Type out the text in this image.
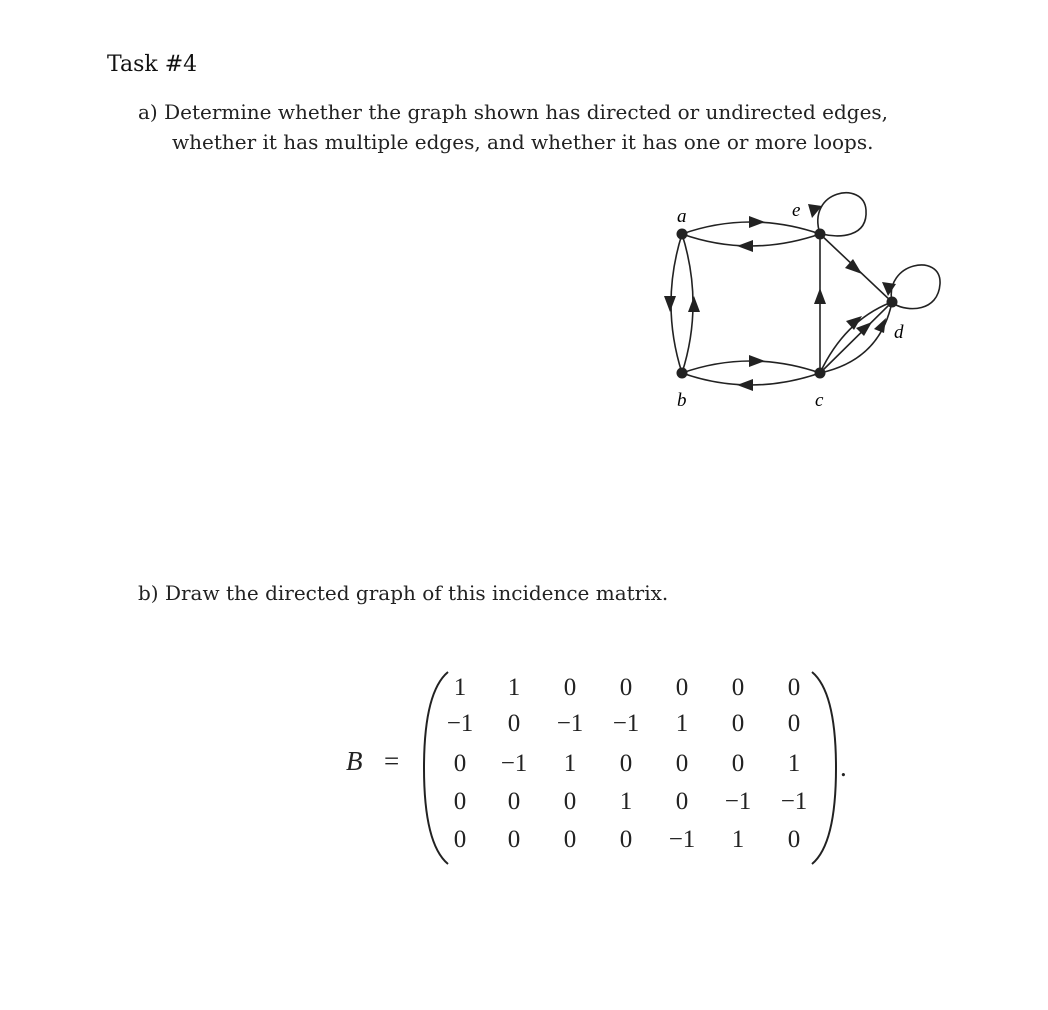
Task #4
a) Determine whether the graph shown has directed or undirected edges,
whether it has multiple edges, and whether it has one or more loops.
a
b	c
d
e
b) Draw the directed graph of this incidence matrix.
B =
1	1	0	0	0	0	0
−1	0	−1	−1	1	0	0
0	−1	1	0	0	0	1
0	0	0	1	0	−1	−1
0	0	0	0	−1	1	0
.
